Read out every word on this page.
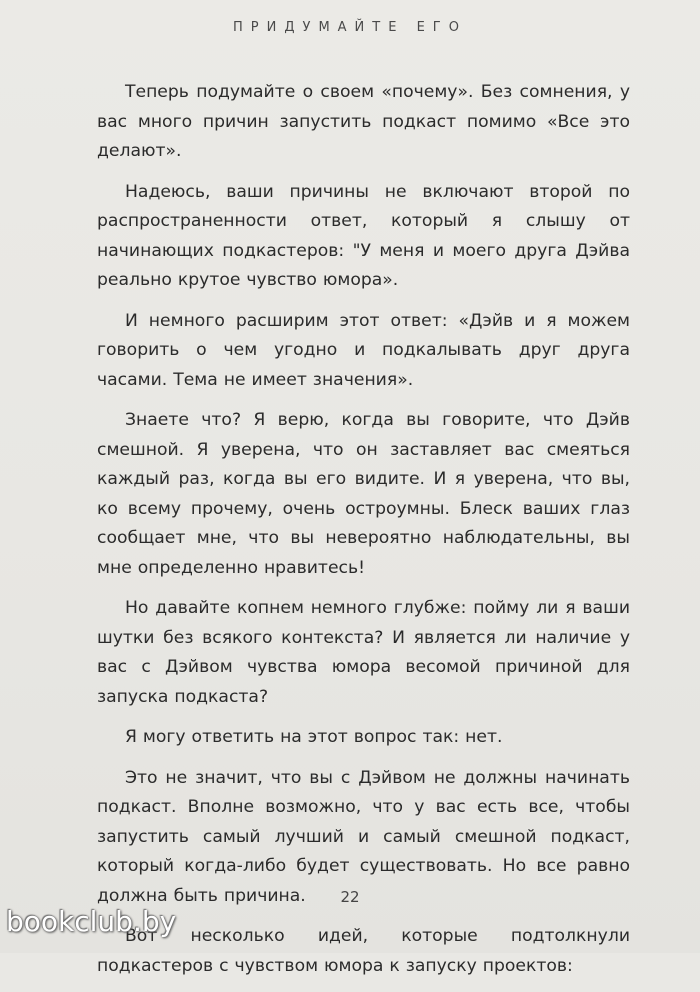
ПРИДУМАЙТЕ ЕГО

Теперь подумайте о своем «почему». Без сомнения, у вас много причин запустить подкаст помимо «Все это делают».

Надеюсь, ваши причины не включают второй по распространенности ответ, который я слышу от начинающих подкастеров: "У меня и моего друга Дэйва реально крутое чувство юмора».

И немного расширим этот ответ: «Дэйв и я можем говорить о чем угодно и подкалывать друг друга часами. Тема не имеет значения».

Знаете что? Я верю, когда вы говорите, что Дэйв смешной. Я уверена, что он заставляет вас смеяться каждый раз, когда вы его видите. И я уверена, что вы, ко всему прочему, очень остроумны. Блеск ваших глаз сообщает мне, что вы невероятно наблюдательны, вы мне определенно нравитесь!

Но давайте копнем немного глубже: пойму ли я ваши шутки без всякого контекста? И является ли наличие у вас с Дэйвом чувства юмора весомой причиной для запуска подкаста?

Я могу ответить на этот вопрос так: нет.

Это не значит, что вы с Дэйвом не должны начинать подкаст. Вполне возможно, что у вас есть все, чтобы запустить самый лучший и самый смешной подкаст, который когда-либо будет существовать. Но все равно должна быть причина.

Вот несколько идей, которые подтолкнули подкастеров с чувством юмора к запуску проектов:

22
bookclub.by
